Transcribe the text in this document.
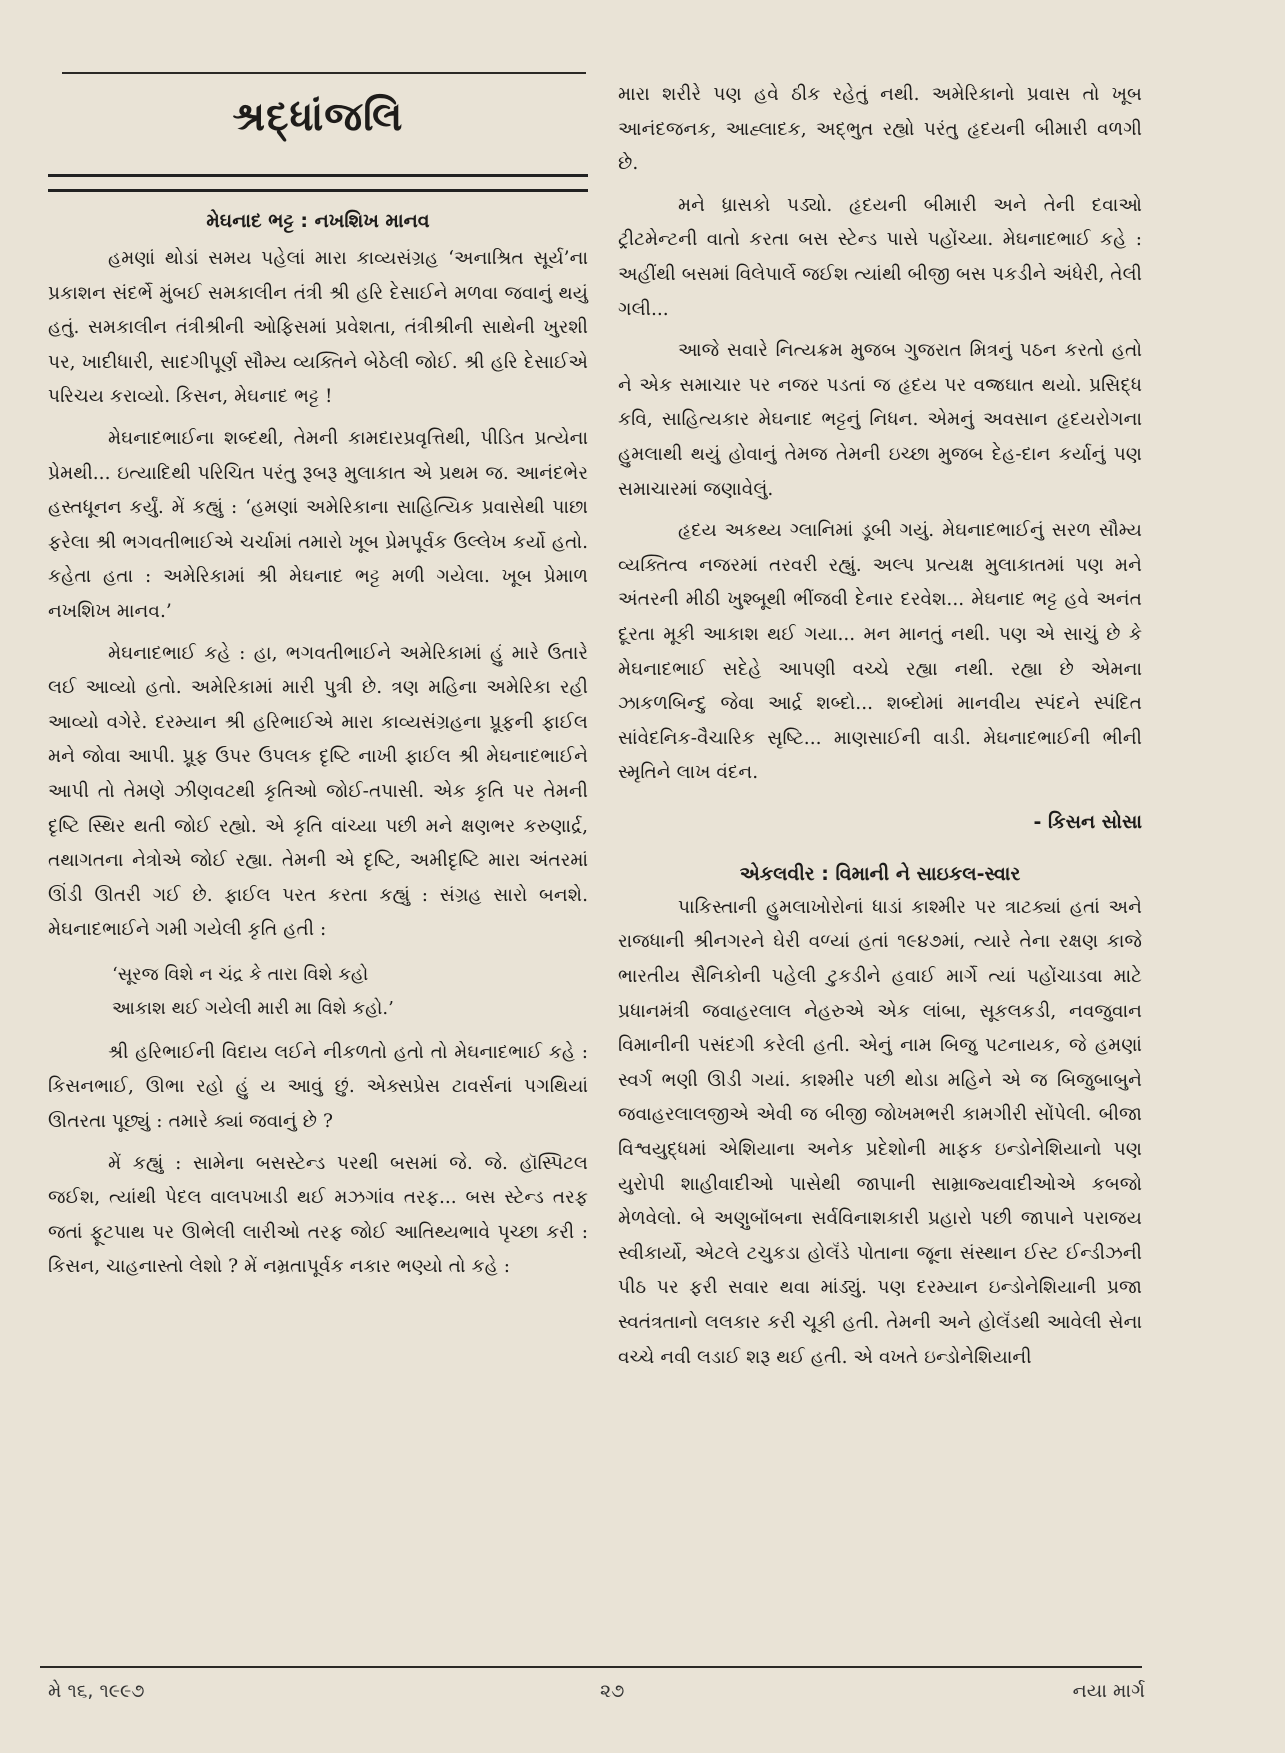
શ્રદ્ધાંજલિ
મેઘનાદ ભટ્ટ : નખશિખ માનવ

હમણાં થોડાં સમય પહેલાં મારા કાવ્યસંગ્રહ ‘અનાશ્રિત સૂર્ય’ના પ્રકાશન સંદર્ભે મુંબઈ સમકાલીન તંત્રી શ્રી હરિ દેસાઈને મળવા જવાનું થયું હતું. સમકાલીન તંત્રીશ્રીની ઓફિસમાં પ્રવેશતા, તંત્રીશ્રીની સાથેની ખુરશી પર, ખાદીધારી, સાદગીપૂર્ણ સૌમ્ય વ્યક્તિને બેઠેલી જોઈ. શ્રી હરિ દેસાઈએ પરિચય કરાવ્યો. કિસન, મેઘનાદ ભટ્ટ !

મેઘનાદભાઈના શબ્દથી, તેમની કામદારપ્રવૃત્તિથી, પીડિત પ્રત્યેના પ્રેમથી... ઇત્યાદિથી પરિચિત પરંતુ રૂબરૂ મુલાકાત એ પ્રથમ જ. આનંદભેર હસ્તધૂનન કર્યું. મેં કહ્યું : ‘હમણાં અમેરિકાના સાહિત્યિક પ્રવાસેથી પાછા ફરેલા શ્રી ભગવતીભાઈએ ચર્ચામાં તમારો ખૂબ પ્રેમપૂર્વક ઉલ્લેખ કર્યો હતો. કહેતા હતા : અમેરિકામાં શ્રી મેઘનાદ ભટ્ટ મળી ગયેલા. ખૂબ પ્રેમાળ નખશિખ માનવ.’

મેઘનાદભાઈ કહે : હા, ભગવતીભાઈને અમેરિકામાં હું મારે ઉતારે લઈ આવ્યો હતો. અમેરિકામાં મારી પુત્રી છે. ત્રણ મહિના અમેરિકા રહી આવ્યો વગેરે. દરમ્યાન શ્રી હરિભાઈએ મારા કાવ્યસંગ્રહના પ્રૂફની ફાઈલ મને જોવા આપી. પ્રૂફ ઉપર ઉપલક દૃષ્ટિ નાખી ફાઈલ શ્રી મેઘનાદભાઈને આપી તો તેમણે ઝીણવટથી કૃતિઓ જોઈ-તપાસી. એક કૃતિ પર તેમની દૃષ્ટિ સ્થિર થતી જોઈ રહ્યો. એ કૃતિ વાંચ્યા પછી મને ક્ષણભર કરુણાર્દ્ર, તથાગતના નેત્રોએ જોઈ રહ્યા. તેમની એ દૃષ્ટિ, અમીદૃષ્ટિ મારા અંતરમાં ઊંડી ઊતરી ગઈ છે. ફાઈલ પરત કરતા કહ્યું : સંગ્રહ સારો બનશે. મેઘનાદભાઈને ગમી ગયેલી કૃતિ હતી :

‘સૂરજ વિશે ન ચંદ્ર કે તારા વિશે કહો
આકાશ થઈ ગયેલી મારી મા વિશે કહો.’

શ્રી હરિભાઈની વિદાય લઈને નીકળતો હતો તો મેઘનાદભાઈ કહે : કિસનભાઈ, ઊભા રહો હું ય આવું છું. એક્સપ્રેસ ટાવર્સનાં પગથિયાં ઊતરતા પૂછ્યું : તમારે ક્યાં જવાનું છે ?

મેં કહ્યું : સામેના બસસ્ટેન્ડ પરથી બસમાં જે. જે. હૉસ્પિટલ જઈશ, ત્યાંથી પેદલ વાલપખાડી થઈ મઝગાંવ તરફ... બસ સ્ટેન્ડ તરફ જતાં ફૂટપાથ પર ઊભેલી લારીઓ તરફ જોઈ આતિથ્યભાવે પૃચ્છા કરી : કિસન, ચાહનાસ્તો લેશો ? મેં નમ્રતાપૂર્વક નકાર ભણ્યો તો કહે :

મારા શરીરે પણ હવે ઠીક રહેતું નથી. અમેરિકાનો પ્રવાસ તો ખૂબ આનંદજનક, આહ્લાદક, અદ્ભુત રહ્યો પરંતુ હૃદયની બીમારી વળગી છે.

મને ધ્રાસકો પડ્યો. હૃદયની બીમારી અને તેની દવાઓ ટ્રીટમેન્ટની વાતો કરતા બસ સ્ટેન્ડ પાસે પહોંચ્યા. મેઘનાદભાઈ કહે : અહીંથી બસમાં વિલેપાર્લે જઈશ ત્યાંથી બીજી બસ પકડીને અંધેરી, તેલી ગલી...

આજે સવારે નિત્યક્રમ મુજબ ગુજરાત મિત્રનું પઠન કરતો હતો ને એક સમાચાર પર નજર પડતાં જ હૃદય પર વજ્રઘાત થયો. પ્રસિદ્ધ કવિ, સાહિત્યકાર મેઘનાદ ભટ્ટનું નિધન. એમનું અવસાન હૃદયરોગના હુમલાથી થયું હોવાનું તેમજ તેમની ઇચ્છા મુજબ દેહ-દાન કર્યાનું પણ સમાચારમાં જણાવેલું.

હૃદય અકથ્ય ગ્લાનિમાં ડૂબી ગયું. મેઘનાદભાઈનું સરળ સૌમ્ય વ્યક્તિત્વ નજરમાં તરવરી રહ્યું. અલ્પ પ્રત્યક્ષ મુલાકાતમાં પણ મને અંતરની મીઠી ખુશ્બૂથી ભીંજવી દેનાર દરવેશ... મેઘનાદ ભટ્ટ હવે અનંત દૂરતા મૂકી આકાશ થઈ ગયા... મન માનતું નથી. પણ એ સાચું છે કે મેઘનાદભાઈ સદેહે આપણી વચ્ચે રહ્યા નથી. રહ્યા છે એમના ઝાકળબિન્દુ જેવા આર્દ્ર શબ્દો... શબ્દોમાં માનવીય સ્પંદને સ્પંદિત સાંવેદનિક-વૈચારિક સૃષ્ટિ... માણસાઈની વાડી. મેઘનાદભાઈની ભીની સ્મૃતિને લાખ વંદન.

- કિસન સોસા
એકલવીર : વિમાની ને સાઇકલ-સ્વાર

પાકિસ્તાની હુમલાખોરોનાં ધાડાં કાશ્મીર પર ત્રાટક્યાં હતાં અને રાજધાની શ્રીનગરને ઘેરી વળ્યાં હતાં ૧૯૪૭માં, ત્યારે તેના રક્ષણ કાજે ભારતીય સૈનિકોની પહેલી ટુકડીને હવાઈ માર્ગે ત્યાં પહોંચાડવા માટે પ્રધાનમંત્રી જવાહરલાલ નેહરુએ એક લાંબા, સૂકલકડી, નવજુવાન વિમાનીની પસંદગી કરેલી હતી. એનું નામ બિજુ પટનાયક, જે હમણાં સ્વર્ગ ભણી ઊડી ગયાં. કાશ્મીર પછી થોડા મહિને એ જ બિજુબાબુને જવાહરલાલજીએ એવી જ બીજી જોખમભરી કામગીરી સોંપેલી. બીજા વિશ્વયુદ્ધમાં એશિયાના અનેક પ્રદેશોની માફક ઇન્ડોનેશિયાનો પણ યુરોપી શાહીવાદીઓ પાસેથી જાપાની સામ્રાજ્યવાદીઓએ કબજો મેળવેલો. બે અણુબૉંબના સર્વવિનાશકારી પ્રહારો પછી જાપાને પરાજય સ્વીકાર્યો, એટલે ટચુકડા હોલૅંડે પોતાના જૂના સંસ્થાન ઈસ્ટ ઈન્ડીઝની પીઠ પર ફરી સવાર થવા માંડ્યું. પણ દરમ્યાન ઇન્ડોનેશિયાની પ્રજા સ્વતંત્રતાનો લલકાર કરી ચૂકી હતી. તેમની અને હોલૅંડથી આવેલી સેના વચ્ચે નવી લડાઈ શરૂ થઈ હતી. એ વખતે ઇન્ડોનેશિયાની

મે ૧૬, ૧૯૯૭	૨૭	નયા માર્ગ
